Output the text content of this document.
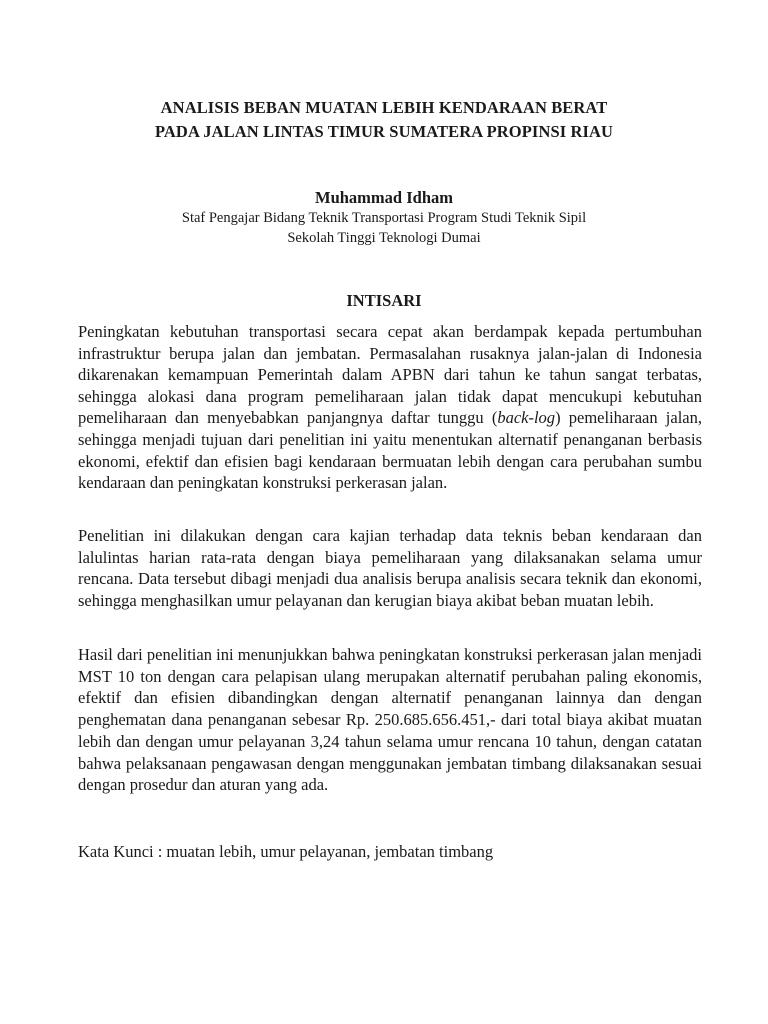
ANALISIS BEBAN MUATAN LEBIH KENDARAAN BERAT
PADA JALAN LINTAS TIMUR SUMATERA PROPINSI RIAU
Muhammad Idham
Staf Pengajar Bidang Teknik Transportasi Program Studi Teknik Sipil
Sekolah Tinggi Teknologi Dumai
INTISARI

Peningkatan kebutuhan transportasi secara cepat akan berdampak kepada pertumbuhan infrastruktur berupa jalan dan jembatan. Permasalahan rusaknya jalan-jalan di Indonesia dikarenakan kemampuan Pemerintah dalam APBN dari tahun ke tahun sangat terbatas, sehingga alokasi dana program pemeliharaan jalan tidak dapat mencukupi kebutuhan pemeliharaan dan menyebabkan panjangnya daftar tunggu (back-log) pemeliharaan jalan, sehingga menjadi tujuan dari penelitian ini yaitu menentukan alternatif penanganan berbasis ekonomi, efektif dan efisien bagi kendaraan bermuatan lebih dengan cara perubahan sumbu kendaraan dan peningkatan konstruksi perkerasan jalan.

Penelitian ini dilakukan dengan cara kajian terhadap data teknis beban kendaraan dan lalulintas harian rata-rata dengan biaya pemeliharaan yang dilaksanakan selama umur rencana. Data tersebut dibagi menjadi dua analisis berupa analisis secara teknik dan ekonomi, sehingga menghasilkan umur pelayanan dan kerugian biaya akibat beban muatan lebih.

Hasil dari penelitian ini menunjukkan bahwa peningkatan konstruksi perkerasan jalan menjadi MST 10 ton dengan cara pelapisan ulang merupakan alternatif perubahan paling ekonomis, efektif dan efisien dibandingkan dengan alternatif penanganan lainnya dan dengan penghematan dana penanganan sebesar Rp. 250.685.656.451,- dari total biaya akibat muatan lebih dan dengan umur pelayanan 3,24 tahun selama umur rencana 10 tahun, dengan catatan bahwa pelaksanaan pengawasan dengan menggunakan jembatan timbang dilaksanakan sesuai dengan prosedur dan aturan yang ada.

Kata Kunci : muatan lebih, umur pelayanan, jembatan timbang
